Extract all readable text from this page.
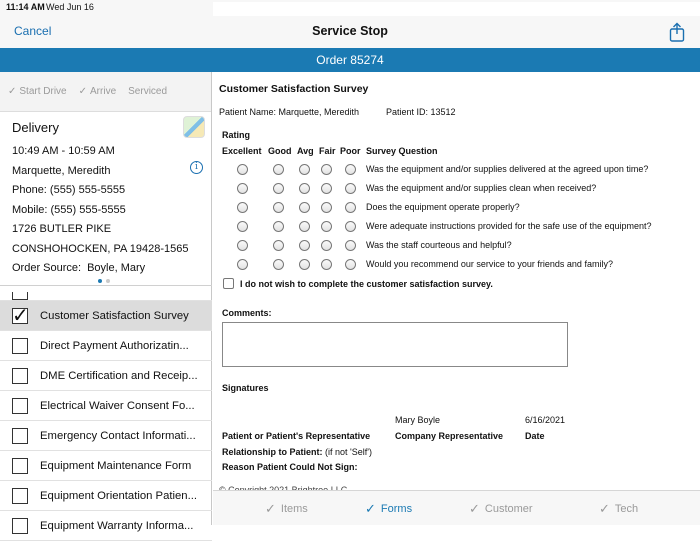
11:14 AM Wed Jun 16
Cancel	Service Stop
Order 85274
✓ Start Drive ✓ Arrive Serviced
Delivery
10:49 AM - 10:59 AM
Marquette, Meredith	i
Phone: (555) 555-5555
Mobile: (555) 555-5555
1726 BUTLER PIKE
CONSHOHOCKEN, PA 19428-1565
Order Source: Boyle, Mary
✓
Customer Satisfaction Survey
Direct Payment Authorizatin...
DME Certification and Receip...
Electrical Waiver Consent Fo...
Emergency Contact Informati...
Equipment Maintenance Form
Equipment Orientation Patien...
Equipment Warranty Informa...
Customer Satisfaction Survey
Patient Name: Marquette, Meredith	Patient ID: 13512
Rating
Excellent Good Avg Fair Poor Survey Question
Was the equipment and/or supplies delivered at the agreed upon time?
Was the equipment and/or supplies clean when received?
Does the equipment operate properly?
Were adequate instructions provided for the safe use of the equipment?
Was the staff courteous and helpful?
Would you recommend our service to your friends and family?
I do not wish to complete the customer satisfaction survey.
Comments:
Signatures
Mary Boyle	6/16/2021
Patient or Patient's Representative	Company Representative Date
Relationship to Patient: (if not 'Self')
Reason Patient Could Not Sign:
✓ Items	✓ Forms	✓ Customer	✓ Tech
